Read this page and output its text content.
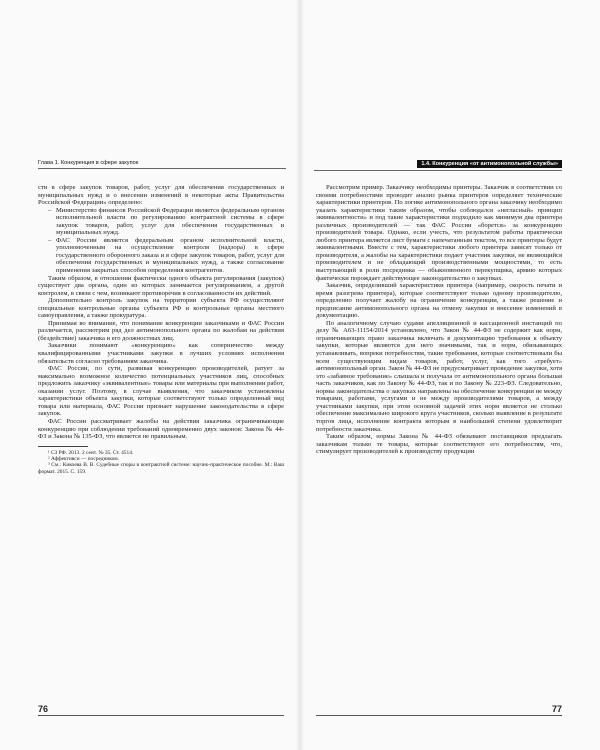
Глава 1. Конкуренция в сфере закупок

сти в сфере закупок товаров, работ, услуг для обеспечения государственных и муниципальных нужд и о внесении изменений в некоторые акты Правительства Российской Федерации» определено:

– Министерство финансов Российской Федерации является федеральным органом исполнительной власти по регулированию контрактной системы в сфере закупок товаров, работ, услуг для обеспечения государственных и муниципальных нужд.

– ФАС России является федеральным органом исполнительной власти, уполномоченным на осуществление контроля (надзора) в сфере государственного оборонного заказа и в сфере закупок товаров, работ, услуг для обеспечения государственных и муниципальных нужд, а также согласование применения закрытых способов определения контрагентов.

Таким образом, в отношении фактически одного объекта регулирования (закупок) существует два органа, один из которых занимается регулированием, а другой контролем, в связи с чем, возникают противоречия в согласованности их действий.

Дополнительно контроль закупок на территории субъекта РФ осуществляют специальные контрольные органы субъекта РФ и контрольные органы местного самоуправления, а также прокуратура.

Принимая во внимание, что понимание конкуренции заказчиками и ФАС России различается, рассмотрим ряд дел антимонопольного органа по жалобам на действия (бездействие) заказчика и его должностных лиц.

Заказчики понимают «конкуренцию» как соперничество между квалифицированными участниками закупки в лучших условиях исполнения обязательств согласно требованиям заказчика.

ФАС России, по сути, развивая конкуренцию производителей, ратует за максимально возможное количество потенциальных участников лиц, способных предложить заказчику «эквивалентные» товары или материалы при выполнении работ, оказании услуг. Поэтому, в случае выявления, что заказчиком установлены характеристики объекта закупки, которые соответствуют только определенный вид товара или материала, ФАС России признает нарушение законодательства в сфере закупок.

ФАС России рассматривает жалобы на действия заказчика ограничивающие конкуренцию при соблюдении требований одновременно двух законов: Закона № 44-ФЗ и Закона № 135-ФЗ, что является не правильным.

¹ СЗ РФ. 2013. 2 сент. № 35. Ст. 4514.

² Аффективси — посредником.

³ См.: Кикоева В. В. Судебные споры в контрактной системе: научно-практическое пособие. М.: Ваш формат. 2015. С. 159.

76
1.4. Конкуренция «от антимонопольной службы»

Рассмотрим пример. Заказчику необходимы принтеры. Заказчик в соответствии со своими потребностями проводит анализ рынка принтеров определяет технические характеристики принтеров. По логике антимонопольного органа заказчику необходимо указать характеристики таким образом, чтобы соблюдался «негласный» принцип эквивалентности» и под такие характеристики подходило как минимум два принтера различных производителей — так ФАС России «борется» за конкуренцию производителей товара. Однако, если учесть, что результатом работы практически любого принтера является лист бумаги с напечатанным текстом, то все принтеры будут эквивалентными. Вместе с тем, характеристики любого принтера зависят только от производителя, а жалобы на характеристики подает участник закупки, не являющийся производителем и не обладающий производственными мощностями, то есть выступающий в роли посредника — обыкновенного перекупщика, армию которых фактически порождает действующее законодательство о закупках.

Заказчик, определивший характеристики принтера (например, скорость печати и время разогрева принтера), которые соответствуют только одному производителю, определенно получает жалобу на ограничение конкуренции, а также решение и предписание антимонопольного органа на отмену закупки и внесение изменений в документацию.

По аналогичному случаю судами апелляционной и кассационной инстанций по делу № А63-11154/2014 установлено, что Закон № 44-ФЗ не содержит как норм, ограничивающих право заказчика включать в документацию требования к объекту закупки, которые являются для него значимыми, так и норм, обязывающих устанавливать, вопреки потребностям, такие требования, которые соответствовали бы всем существующим видам товаров, работ, услуг, как того «требует» антимонопольный орган. Закон № 44-ФЗ не предусматривает проведение закупки, хотя это «забавное требование» слышала и получала от антимонопольного органа большая часть заказчиков, как по Закону № 44-ФЗ, так и по Закону № 223-ФЗ. Следовательно, нормы законодательства о закупках направлены на обеспечение конкуренции не между товарами, работами, услугами и не между производителями товаров, а между участниками закупки, при этом основной задачей этих норм является не столько обеспечение максимально широкого круга участников, сколько выявление в результате торгов лица, исполнение контракта которым в наибольшей степени удовлетворит потребности заказчика.

Таким образом, нормы Закона № 44-ФЗ обязывают поставщиков предлагать заказчикам только те товары, которые соответствуют его потребностям, что, стимулирует производителей к производству продукции

77
